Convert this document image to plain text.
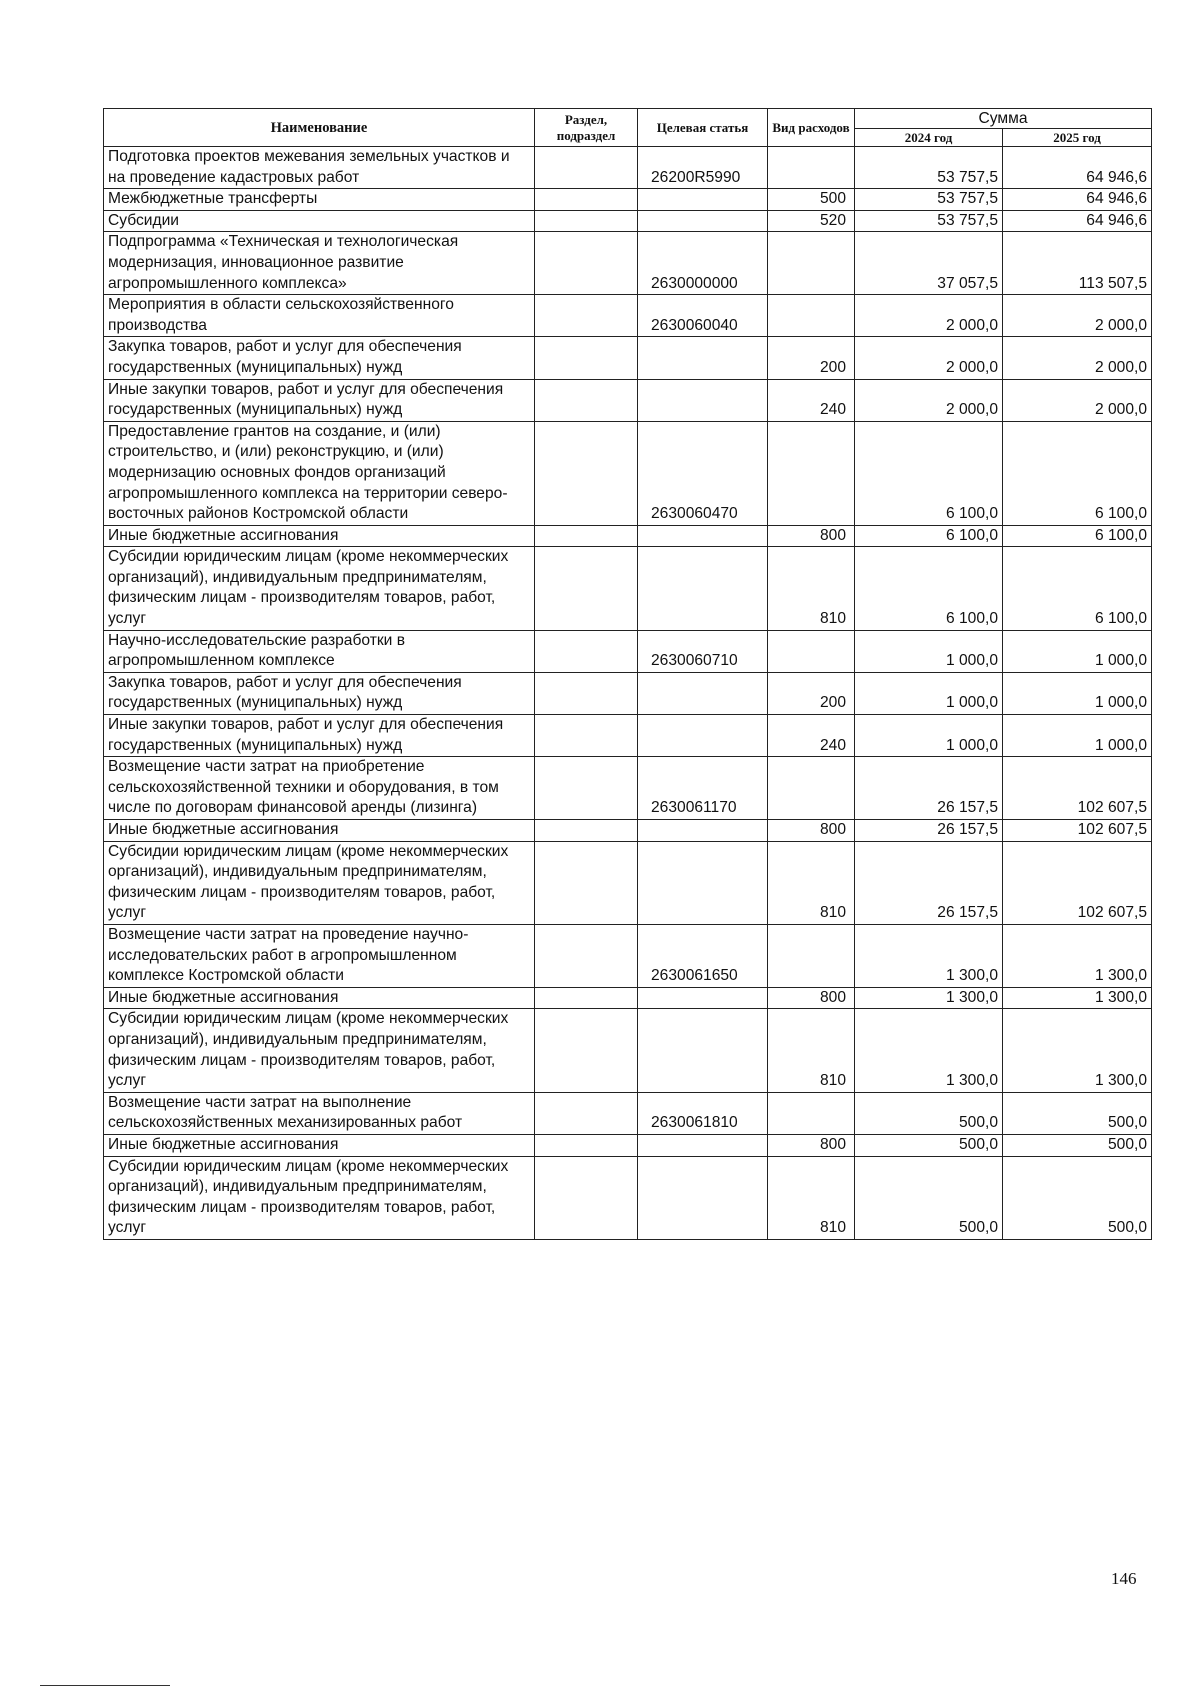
Наименование	Раздел, подраздел	Целевая статья	Вид расходов	Сумма	
				2024 год	2025 год
Подготовка проектов межевания земельных участков и на проведение кадастровых работ		26200R5990		53 757,5	64 946,6
Межбюджетные трансферты			500	53 757,5	64 946,6
Субсидии			520	53 757,5	64 946,6
Подпрограмма «Техническая и технологическая модернизация, инновационное развитие агропромышленного комплекса»		2630000000		37 057,5	113 507,5
Мероприятия в области сельскохозяйственного производства		2630060040		2 000,0	2 000,0
Закупка товаров, работ и услуг для обеспечения государственных (муниципальных) нужд			200	2 000,0	2 000,0
Иные закупки товаров, работ и услуг для обеспечения государственных (муниципальных) нужд			240	2 000,0	2 000,0
Предоставление грантов на создание, и (или) строительство, и (или) реконструкцию, и (или) модернизацию основных фондов организаций агропромышленного комплекса на территории северо-восточных районов Костромской области		2630060470		6 100,0	6 100,0
Иные бюджетные ассигнования			800	6 100,0	6 100,0
Субсидии юридическим лицам (кроме некоммерческих организаций), индивидуальным предпринимателям, физическим лицам - производителям товаров, работ, услуг			810	6 100,0	6 100,0
Научно-исследовательские разработки в агропромышленном комплексе		2630060710		1 000,0	1 000,0
Закупка товаров, работ и услуг для обеспечения государственных (муниципальных) нужд			200	1 000,0	1 000,0
Иные закупки товаров, работ и услуг для обеспечения государственных (муниципальных) нужд			240	1 000,0	1 000,0
Возмещение части затрат на приобретение сельскохозяйственной техники и оборудования, в том числе по договорам финансовой аренды (лизинга)		2630061170		26 157,5	102 607,5
Иные бюджетные ассигнования			800	26 157,5	102 607,5
Субсидии юридическим лицам (кроме некоммерческих организаций), индивидуальным предпринимателям, физическим лицам - производителям товаров, работ, услуг			810	26 157,5	102 607,5
Возмещение части затрат на проведение научно-исследовательских работ в агропромышленном комплексе Костромской области		2630061650		1 300,0	1 300,0
Иные бюджетные ассигнования			800	1 300,0	1 300,0
Субсидии юридическим лицам (кроме некоммерческих организаций), индивидуальным предпринимателям, физическим лицам - производителям товаров, работ, услуг			810	1 300,0	1 300,0
Возмещение части затрат на выполнение сельскохозяйственных механизированных работ		2630061810		500,0	500,0
Иные бюджетные ассигнования			800	500,0	500,0
Субсидии юридическим лицам (кроме некоммерческих организаций), индивидуальным предпринимателям, физическим лицам - производителям товаров, работ, услуг			810	500,0	500,0
146
